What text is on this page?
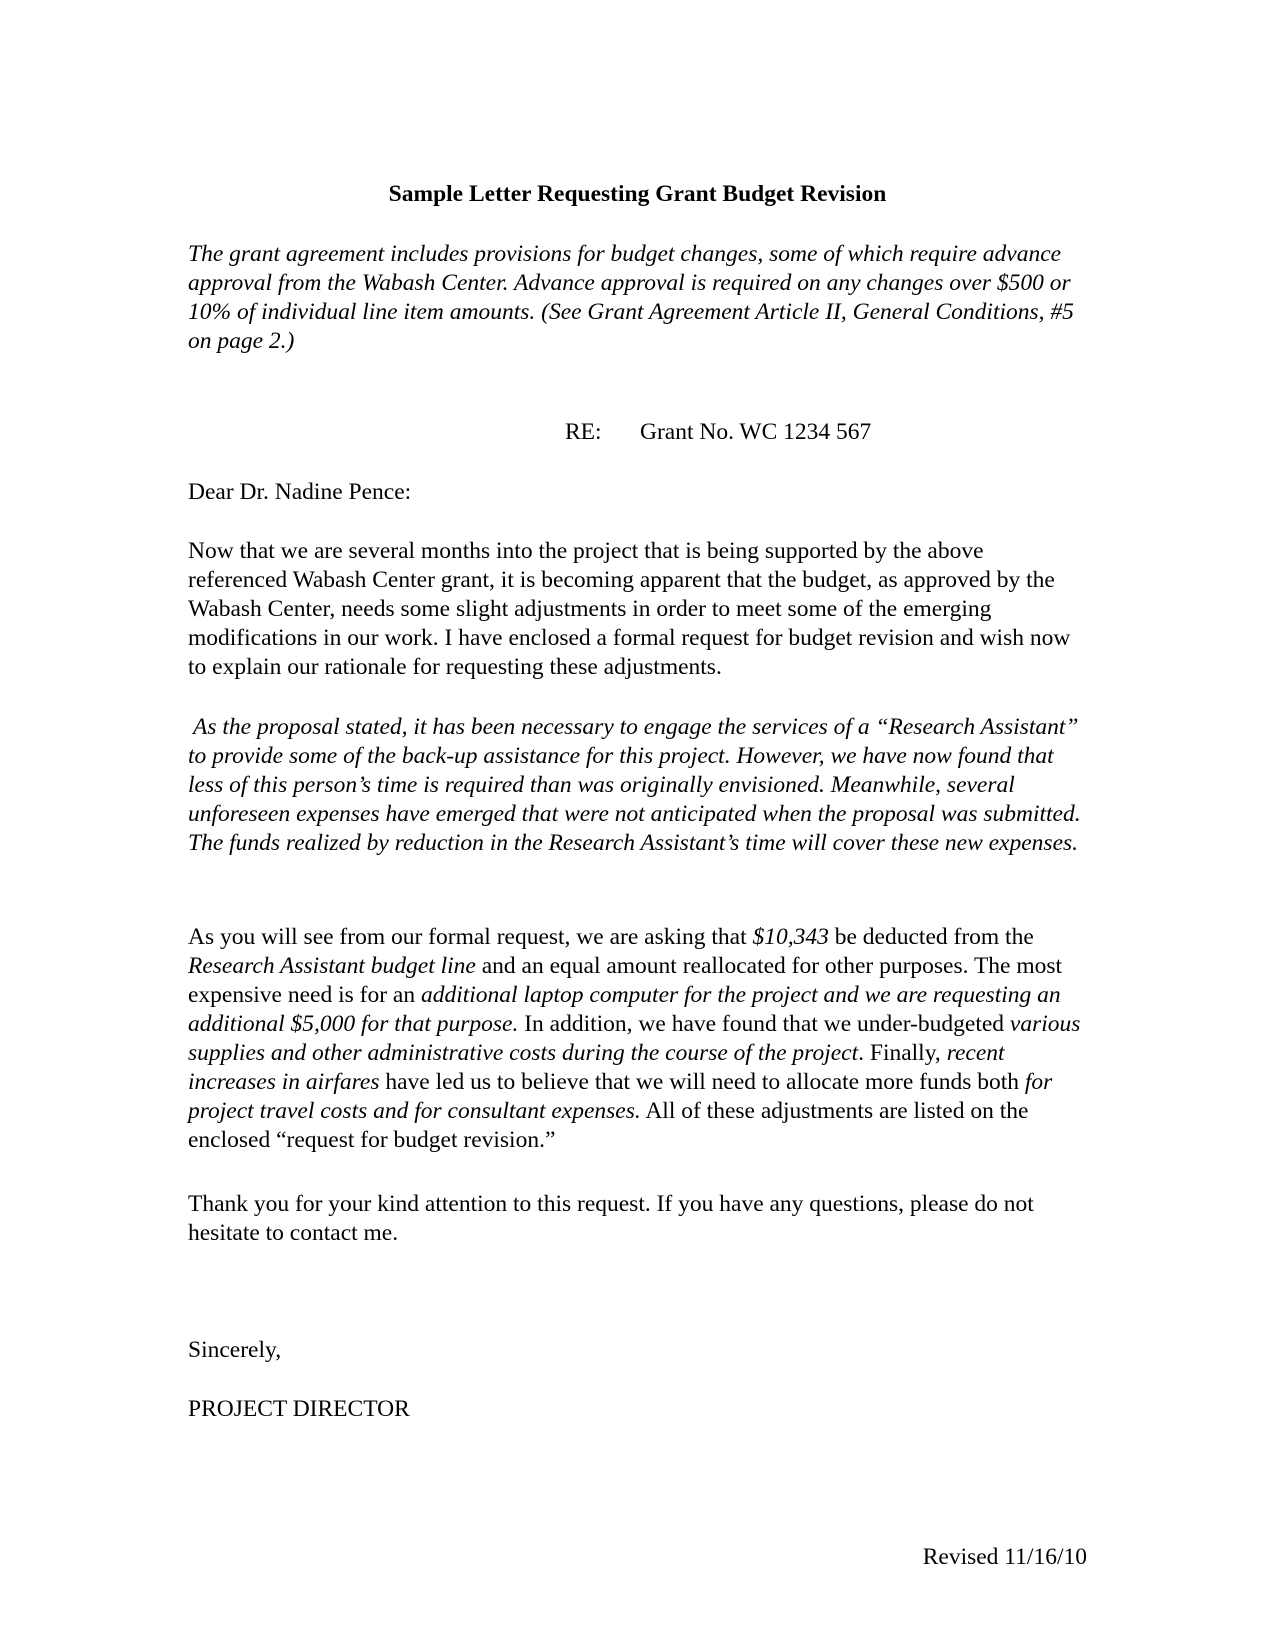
Sample Letter Requesting Grant Budget Revision

The grant agreement includes provisions for budget changes, some of which require advance approval from the Wabash Center. Advance approval is required on any changes over $500 or 10% of individual line item amounts. (See Grant Agreement Article II, General Conditions, #5 on page 2.)

RE: Grant No. WC 1234 567

Dear Dr. Nadine Pence:

Now that we are several months into the project that is being supported by the above referenced Wabash Center grant, it is becoming apparent that the budget, as approved by the Wabash Center, needs some slight adjustments in order to meet some of the emerging modifications in our work. I have enclosed a formal request for budget revision and wish now to explain our rationale for requesting these adjustments.

As the proposal stated, it has been necessary to engage the services of a “Research Assistant” to provide some of the back-up assistance for this project. However, we have now found that less of this person’s time is required than was originally envisioned. Meanwhile, several unforeseen expenses have emerged that were not anticipated when the proposal was submitted. The funds realized by reduction in the Research Assistant’s time will cover these new expenses.

As you will see from our formal request, we are asking that $10,343 be deducted from the Research Assistant budget line and an equal amount reallocated for other purposes. The most expensive need is for an additional laptop computer for the project and we are requesting an additional $5,000 for that purpose. In addition, we have found that we under-budgeted various supplies and other administrative costs during the course of the project. Finally, recent increases in airfares have led us to believe that we will need to allocate more funds both for project travel costs and for consultant expenses. All of these adjustments are listed on the enclosed “request for budget revision.”

Thank you for your kind attention to this request. If you have any questions, please do not hesitate to contact me.

Sincerely,

PROJECT DIRECTOR

Revised 11/16/10
